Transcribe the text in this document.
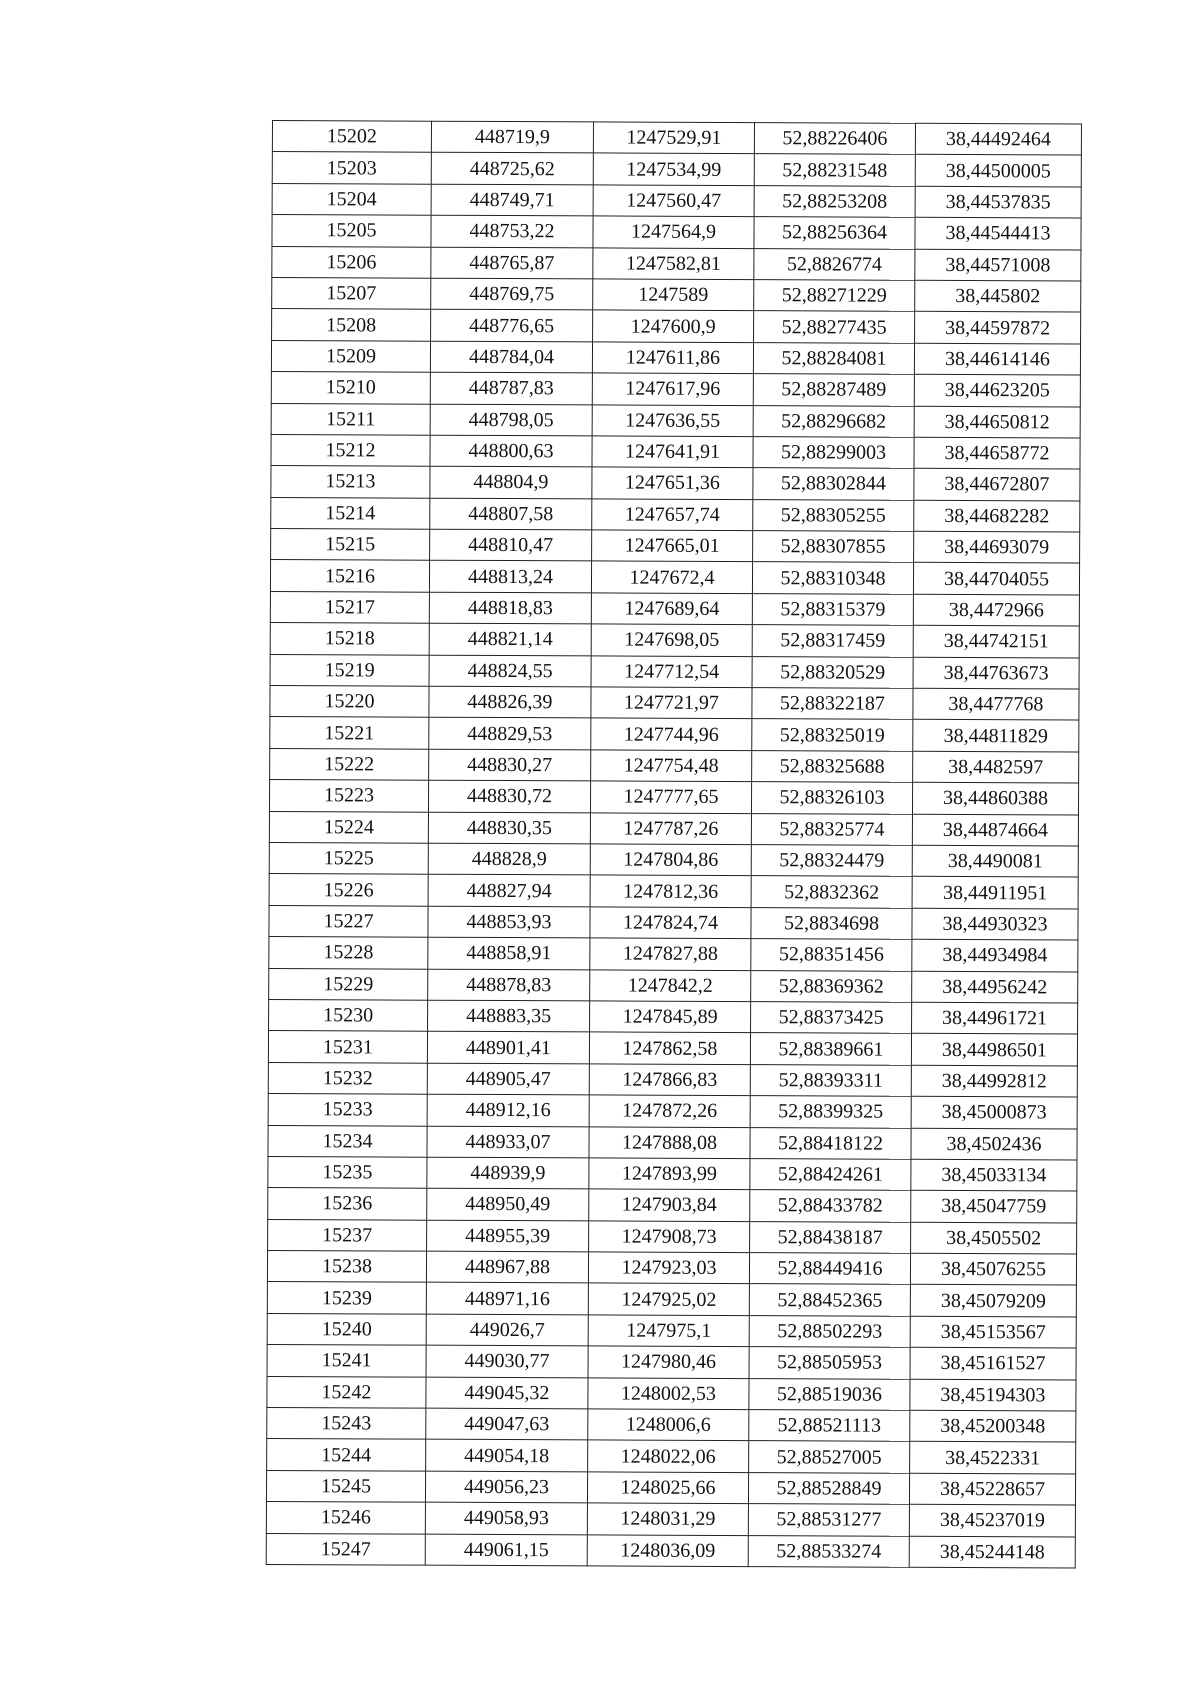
15202	448719,9	1247529,91	52,88226406	38,44492464
15203	448725,62	1247534,99	52,88231548	38,44500005
15204	448749,71	1247560,47	52,88253208	38,44537835
15205	448753,22	1247564,9	52,88256364	38,44544413
15206	448765,87	1247582,81	52,8826774	38,44571008
15207	448769,75	1247589	52,88271229	38,445802
15208	448776,65	1247600,9	52,88277435	38,44597872
15209	448784,04	1247611,86	52,88284081	38,44614146
15210	448787,83	1247617,96	52,88287489	38,44623205
15211	448798,05	1247636,55	52,88296682	38,44650812
15212	448800,63	1247641,91	52,88299003	38,44658772
15213	448804,9	1247651,36	52,88302844	38,44672807
15214	448807,58	1247657,74	52,88305255	38,44682282
15215	448810,47	1247665,01	52,88307855	38,44693079
15216	448813,24	1247672,4	52,88310348	38,44704055
15217	448818,83	1247689,64	52,88315379	38,4472966
15218	448821,14	1247698,05	52,88317459	38,44742151
15219	448824,55	1247712,54	52,88320529	38,44763673
15220	448826,39	1247721,97	52,88322187	38,4477768
15221	448829,53	1247744,96	52,88325019	38,44811829
15222	448830,27	1247754,48	52,88325688	38,4482597
15223	448830,72	1247777,65	52,88326103	38,44860388
15224	448830,35	1247787,26	52,88325774	38,44874664
15225	448828,9	1247804,86	52,88324479	38,4490081
15226	448827,94	1247812,36	52,8832362	38,44911951
15227	448853,93	1247824,74	52,8834698	38,44930323
15228	448858,91	1247827,88	52,88351456	38,44934984
15229	448878,83	1247842,2	52,88369362	38,44956242
15230	448883,35	1247845,89	52,88373425	38,44961721
15231	448901,41	1247862,58	52,88389661	38,44986501
15232	448905,47	1247866,83	52,88393311	38,44992812
15233	448912,16	1247872,26	52,88399325	38,45000873
15234	448933,07	1247888,08	52,88418122	38,4502436
15235	448939,9	1247893,99	52,88424261	38,45033134
15236	448950,49	1247903,84	52,88433782	38,45047759
15237	448955,39	1247908,73	52,88438187	38,4505502
15238	448967,88	1247923,03	52,88449416	38,45076255
15239	448971,16	1247925,02	52,88452365	38,45079209
15240	449026,7	1247975,1	52,88502293	38,45153567
15241	449030,77	1247980,46	52,88505953	38,45161527
15242	449045,32	1248002,53	52,88519036	38,45194303
15243	449047,63	1248006,6	52,88521113	38,45200348
15244	449054,18	1248022,06	52,88527005	38,4522331
15245	449056,23	1248025,66	52,88528849	38,45228657
15246	449058,93	1248031,29	52,88531277	38,45237019
15247	449061,15	1248036,09	52,88533274	38,45244148
